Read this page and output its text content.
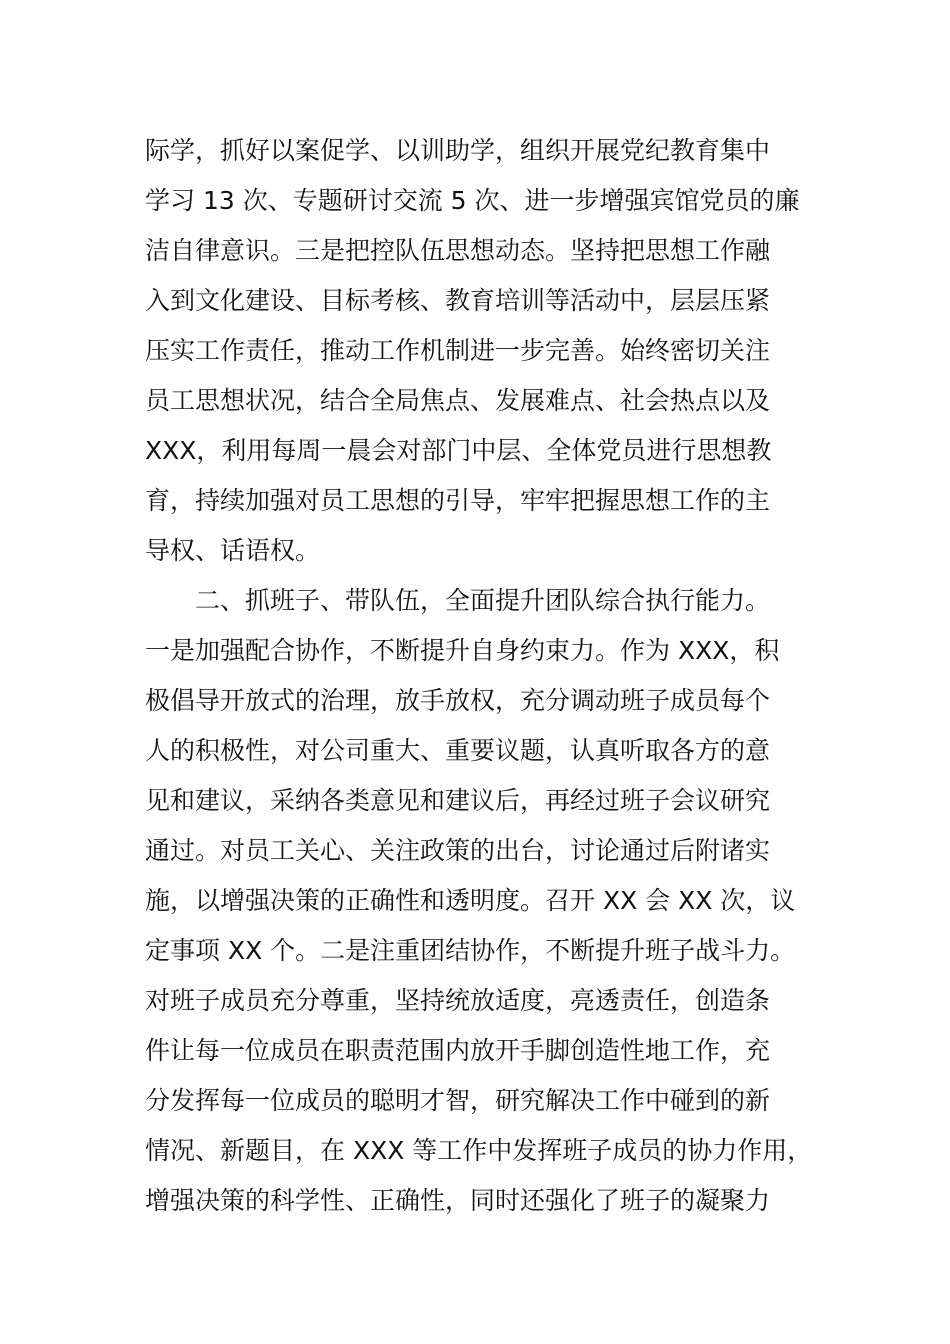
际学，抓好以案促学、以训助学，组织开展党纪教育集中
学习 13 次、专题研讨交流 5 次、进一步增强宾馆党员的廉
洁自律意识。三是把控队伍思想动态。坚持把思想工作融
入到文化建设、目标考核、教育培训等活动中，层层压紧
压实工作责任，推动工作机制进一步完善。始终密切关注
员工思想状况，结合全局焦点、发展难点、社会热点以及
XXX，利用每周一晨会对部门中层、全体党员进行思想教
育，持续加强对员工思想的引导，牢牢把握思想工作的主
导权、话语权。
二、抓班子、带队伍，全面提升团队综合执行能力。
一是加强配合协作，不断提升自身约束力。作为 XXX，积
极倡导开放式的治理，放手放权，充分调动班子成员每个
人的积极性，对公司重大、重要议题，认真听取各方的意
见和建议，采纳各类意见和建议后，再经过班子会议研究
通过。对员工关心、关注政策的出台，讨论通过后附诸实
施，以增强决策的正确性和透明度。召开 XX 会 XX 次，议
定事项 XX 个。二是注重团结协作，不断提升班子战斗力。
对班子成员充分尊重，坚持统放适度，亮透责任，创造条
件让每一位成员在职责范围内放开手脚创造性地工作，充
分发挥每一位成员的聪明才智，研究解决工作中碰到的新
情况、新题目，在 XXX 等工作中发挥班子成员的协力作用，
增强决策的科学性、正确性，同时还强化了班子的凝聚力
